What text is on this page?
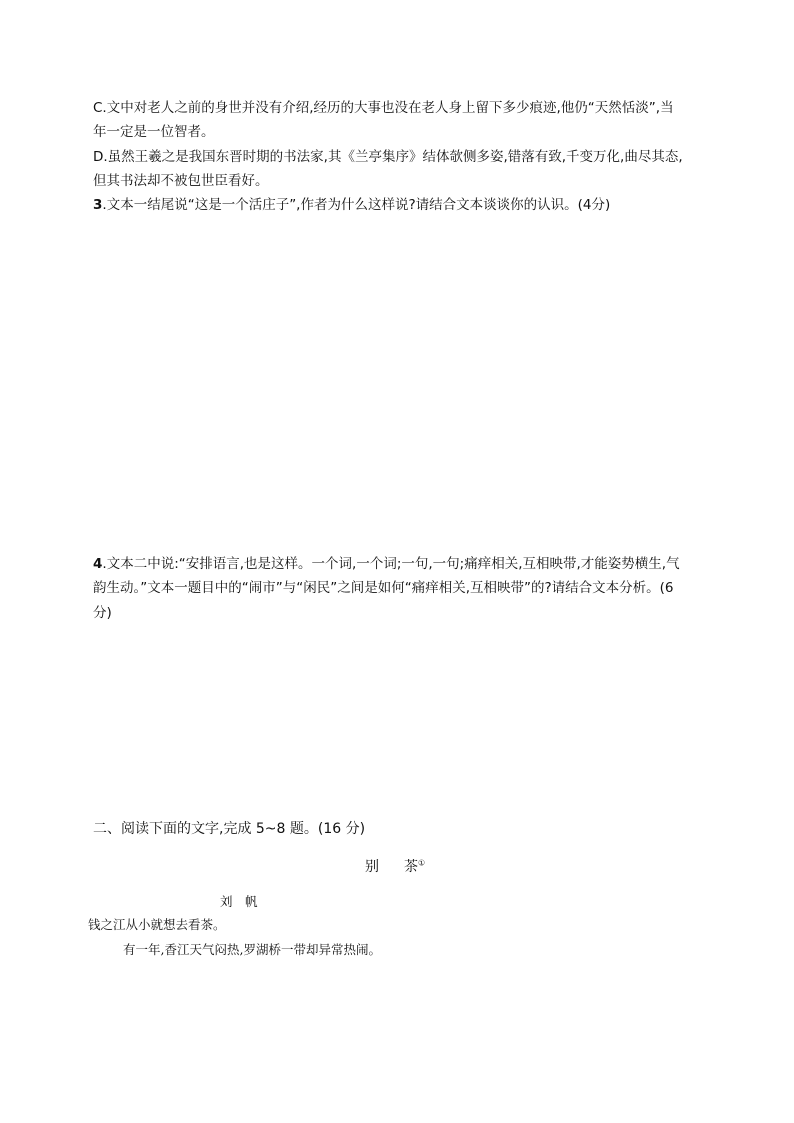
C.文中对老人之前的身世并没有介绍,经历的大事也没在老人身上留下多少痕迹,他仍“天然恬淡”,当
年一定是一位智者。
D.虽然王羲之是我国东晋时期的书法家,其《兰亭集序》结体欹侧多姿,错落有致,千变万化,曲尽其态,
但其书法却不被包世臣看好。
3.文本一结尾说“这是一个活庄子”,作者为什么这样说?请结合文本谈谈你的认识。(4分)
4.文本二中说:“安排语言,也是这样。一个词,一个词;一句,一句;痛痒相关,互相映带,才能姿势横生,气
韵生动。”文本一题目中的“闹市”与“闲民”之间是如何“痛痒相关,互相映带”的?请结合文本分析。(6
分)
二、阅读下面的文字,完成 5~8 题。(16 分)
别 茶①
刘　帆
钱之江从小就想去看茶。
有一年,香江天气闷热,罗湖桥一带却异常热闹。
